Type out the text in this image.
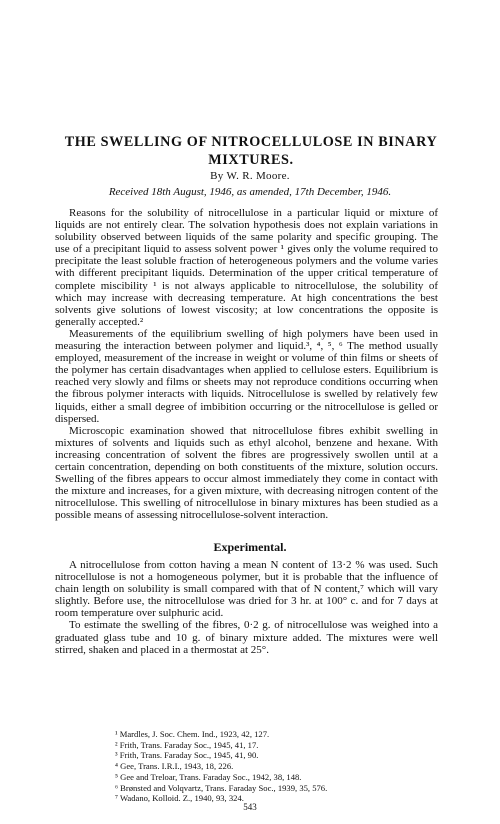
THE SWELLING OF NITROCELLULOSE IN BINARY MIXTURES.
By W. R. Moore.
Received 18th August, 1946, as amended, 17th December, 1946.

Reasons for the solubility of nitrocellulose in a particular liquid or mixture of liquids are not entirely clear. The solvation hypothesis does not explain variations in solubility observed between liquids of the same polarity and specific grouping. The use of a precipitant liquid to assess solvent power ¹ gives only the volume required to precipitate the least soluble fraction of heterogeneous polymers and the volume varies with different precipitant liquids. Determination of the upper critical temperature of complete miscibility ¹ is not always applicable to nitrocellulose, the solubility of which may increase with decreasing temperature. At high concentrations the best solvents give solutions of lowest viscosity; at low concentrations the opposite is generally accepted.²

Measurements of the equilibrium swelling of high polymers have been used in measuring the interaction between polymer and liquid.³, ⁴, ⁵, ⁶ The method usually employed, measurement of the increase in weight or volume of thin films or sheets of the polymer has certain disadvantages when applied to cellulose esters. Equilibrium is reached very slowly and films or sheets may not reproduce conditions occurring when the fibrous polymer interacts with liquids. Nitrocellulose is swelled by relatively few liquids, either a small degree of imbibition occurring or the nitrocellulose is gelled or dispersed.

Microscopic examination showed that nitrocellulose fibres exhibit swelling in mixtures of solvents and liquids such as ethyl alcohol, benzene and hexane. With increasing concentration of solvent the fibres are progressively swollen until at a certain concentration, depending on both constituents of the mixture, solution occurs. Swelling of the fibres appears to occur almost immediately they come in contact with the mixture and increases, for a given mixture, with decreasing nitrogen content of the nitrocellulose. This swelling of nitrocellulose in binary mixtures has been studied as a possible means of assessing nitrocellulose-solvent interaction.

Experimental.

A nitrocellulose from cotton having a mean N content of 13·2 % was used. Such nitrocellulose is not a homogeneous polymer, but it is probable that the influence of chain length on solubility is small compared with that of N content,⁷ which will vary slightly. Before use, the nitrocellulose was dried for 3 hr. at 100° c. and for 7 days at room temperature over sulphuric acid.

To estimate the swelling of the fibres, 0·2 g. of nitrocellulose was weighed into a graduated glass tube and 10 g. of binary mixture added. The mixtures were well stirred, shaken and placed in a thermostat at 25°.

¹ Mardles, J. Soc. Chem. Ind., 1923, 42, 127.
² Frith, Trans. Faraday Soc., 1945, 41, 17.
³ Frith, Trans. Faraday Soc., 1945, 41, 90.
⁴ Gee, Trans. I.R.I., 1943, 18, 226.
⁵ Gee and Treloar, Trans. Faraday Soc., 1942, 38, 148.
⁶ Brønsted and Volqvartz, Trans. Faraday Soc., 1939, 35, 576.
⁷ Wadano, Kolloid. Z., 1940, 93, 324.
543
